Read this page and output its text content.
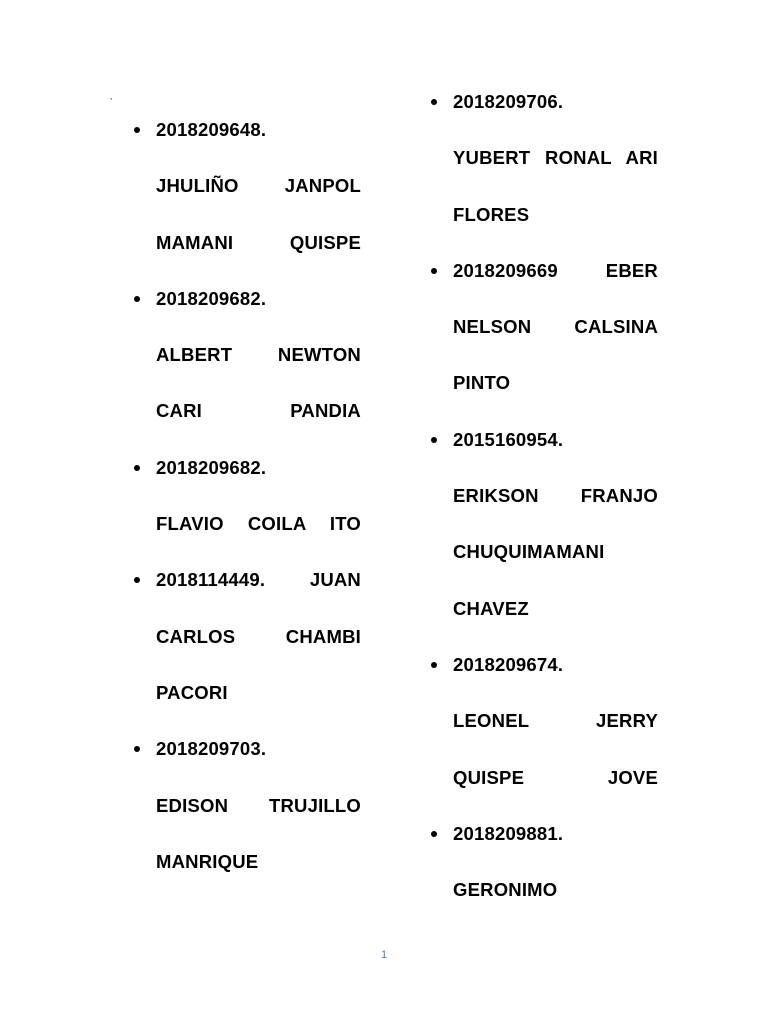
,
2018209648.
JHULIÑO JANPOL
MAMANI QUISPE
2018209682.
ALBERT NEWTON
CARI PANDIA
2018209682.
FLAVIO COILA ITO
2018114449. JUAN
CARLOS CHAMBI
PACORI
2018209703.
EDISON TRUJILLO
MANRIQUE
2018209706.
YUBERT RONAL ARI
FLORES
2018209669 EBER
NELSON CALSINA
PINTO
2015160954.
ERIKSON FRANJO
CHUQUIMAMANI
CHAVEZ
2018209674.
LEONEL JERRY
QUISPE JOVE
2018209881.
GERONIMO
1
